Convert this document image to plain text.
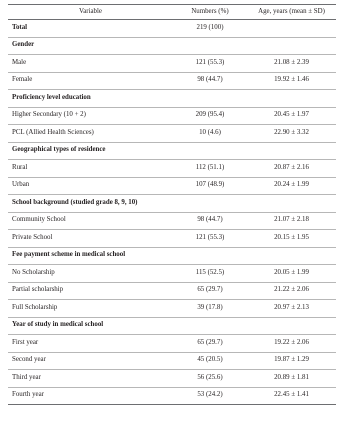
Variable	Numbers (%)	Age, years (mean ± SD)
Total	219 (100)	
Gender		
Male	121 (55.3)	21.08 ± 2.39
Female	98 (44.7)	19.92 ± 1.46
Proficiency level education		
Higher Secondary (10 + 2)	209 (95.4)	20.45 ± 1.97
PCL (Allied Health Sciences)	10 (4.6)	22.90 ± 3.32
Geographical types of residence		
Rural	112 (51.1)	20.87 ± 2.16
Urban	107 (48.9)	20.24 ± 1.99
School background (studied grade 8, 9, 10)		
Community School	98 (44.7)	21.07 ± 2.18
Private School	121 (55.3)	20.15 ± 1.95
Fee payment scheme in medical school		
No Scholarship	115 (52.5)	20.05 ± 1.99
Partial scholarship	65 (29.7)	21.22 ± 2.06
Full Scholarship	39 (17.8)	20.97 ± 2.13
Year of study in medical school		
First year	65 (29.7)	19.22 ± 2.06
Second year	45 (20.5)	19.87 ± 1.29
Third year	56 (25.6)	20.89 ± 1.81
Fourth year	53 (24.2)	22.45 ± 1.41
